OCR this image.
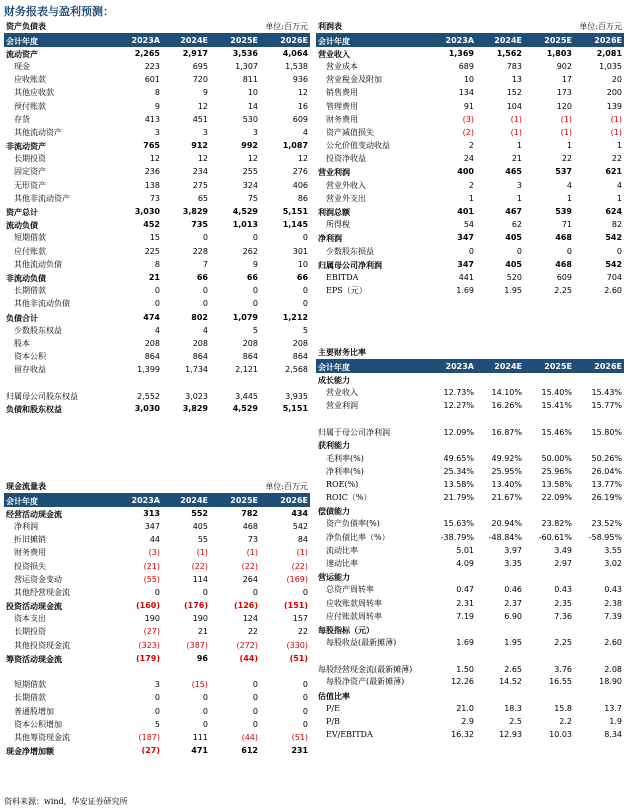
财务报表与盈利预测：
资产负债表		单位:百万元		
会计年度	2023A	2024E	2025E	2026E
流动资产	2,265	2,917	3,536	4,064
现金	223	695	1,307	1,538
应收账款	601	720	811	936
其他应收款	8	9	10	12
预付账款	9	12	14	16
存货	413	451	530	609
其他流动资产	3	3	3	4
非流动资产	765	912	992	1,087
长期投资	12	12	12	12
固定资产	236	234	255	276
无形资产	138	275	324	406
其他非流动资产	73	65	75	86
资产总计	3,030	3,829	4,529	5,151
流动负债	452	735	1,013	1,145
短期借款	15	0	0	0
应付账款	225	228	262	301
其他流动负债	8	7	9	10
非流动负债	21	66	66	66
长期借款	0	0	0	0
其他非流动负债	0	0	0	0
负债合计	474	802	1,079	1,212
少数股东权益	4	4	5	5
股本	208	208	208	208
资本公积	864	864	864	864
留存收益	1,399	1,734	2,121	2,568
归属母公司股东权益	2,552	3,023	3,445	3,935
负债和股东权益	3,030	3,829	4,529	5,151
利润表		单位:百万元		
会计年度	2023A	2024E	2025E	2026E
营业收入	1,369	1,562	1,803	2,081
营业成本	689	783	902	1,035
营业税金及附加	10	13	17	20
销售费用	134	152	173	200
管理费用	91	104	120	139
财务费用	(3)	(1)	(1)	(1)
资产减值损失	(2)	(1)	(1)	(1)
公允价值变动收益	2	1	1	1
投资净收益	24	21	22	22
营业利润	400	465	537	621
营业外收入	2	3	4	4
营业外支出	1	1	1	1
利润总额	401	467	539	624
所得税	54	62	71	82
净利润	347	405	468	542
少数股东损益	0	0	0	0
归属母公司净利润	347	405	468	542
EBITDA	441	520	609	704
EPS（元）	1.69	1.95	2.25	2.60
主要财务比率				
会计年度	2023A	2024E	2025E	2026E
成长能力				
营业收入	12.73%	14.10%	15.40%	15.43%
营业利润	12.27%	16.26%	15.41%	15.77%
归属于母公司净利润	12.09%	16.87%	15.46%	15.80%
获利能力				
毛利率(%)	49.65%	49.92%	50.00%	50.26%
净利率(%)	25.34%	25.95%	25.96%	26.04%
ROE(%)	13.58%	13.40%	13.58%	13.77%
ROIC（%）	21.79%	21.67%	22.09%	26.19%
偿债能力				
资产负债率(%)	15.63%	20.94%	23.82%	23.52%
净负债比率（%）	-38.79%	-48.84%	-60.61%	-58.95%
流动比率	5.01	3.97	3.49	3.55
速动比率	4.09	3.35	2.97	3.02
营运能力				
总资产周转率	0.47	0.46	0.43	0.43
应收账款周转率	2.31	2.37	2.35	2.38
应付账款周转率	7.19	6.90	7.36	7.39
每股指标（元）				
每股收益(最新摊薄)	1.69	1.95	2.25	2.60
每股经营现金流(最新摊薄)	1.50	2.65	3.76	2.08
每股净资产(最新摊薄)	12.26	14.52	16.55	18.90
估值比率				
P/E	21.0	18.3	15.8	13.7
P/B	2.9	2.5	2.2	1.9
EV/EBITDA	16.32	12.93	10.03	8.34
现金流量表		单位:百万元		
会计年度	2023A	2024E	2025E	2026E
经营活动现金流	313	552	782	434
净利润	347	405	468	542
折旧摊销	44	55	73	84
财务费用	(3)	(1)	(1)	(1)
投资损失	(21)	(22)	(22)	(22)
营运资金变动	(55)	114	264	(169)
其他经营现金流	0	0	0	0
投资活动现金流	(160)	(176)	(126)	(151)
资本支出	190	190	124	157
长期投资	(27)	21	22	22
其他投资现金流	(323)	(387)	(272)	(330)
筹资活动现金流	(179)	96	(44)	(51)

短期借款	3	(15)	0	0
长期借款	0	0	0	0
普通股增加	0	0	0	0
资本公积增加	5	0	0	0
其他筹资现金流	(187)	111	(44)	(51)
现金净增加额	(27)	471	612	231
资料来源：wind，华安证券研究所
